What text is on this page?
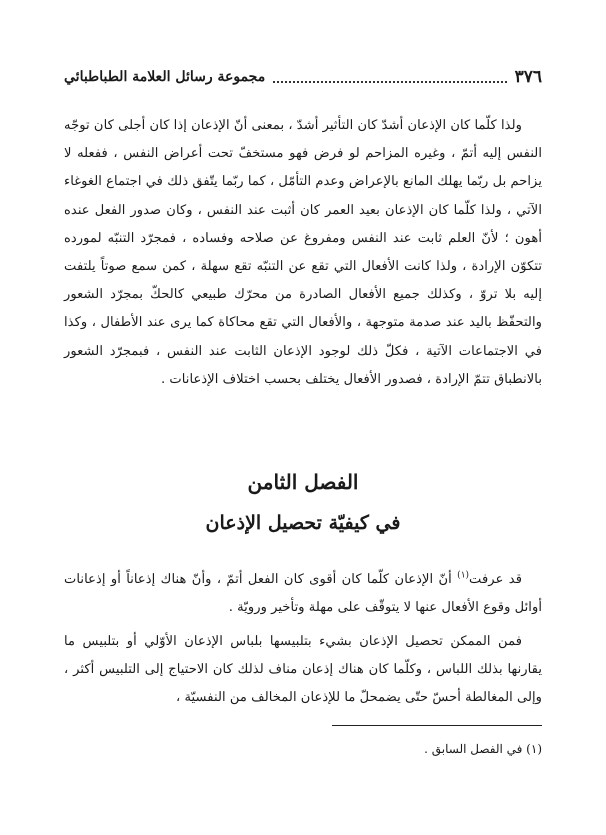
٣٧٦
مجموعة رسائل العلامة الطباطبائي

ولذا كلّما كان الإذعان أشدّ كان التأثير أشدّ ، بمعنى أنّ الإذعان إذا كان أجلى كان توجّه النفس إليه أتمّ ، وغيره المزاحم لو فرض فهو مستخفّ تحت أعراض النفس ، ففعله لا يزاحم بل ربّما يهلك المانع بالإعراض وعدم التأمّل ، كما ربّما يتّفق ذلك في اجتماع الغوغاء الآتي ، ولذا كلّما كان الإذعان بعيد العمر كان أثبت عند النفس ، وكان صدور الفعل عنده أهون ؛ لأنّ العلم ثابت عند النفس ومفروغ عن صلاحه وفساده ، فمجرّد التنبّه لمورده تتكوّن الإرادة ، ولذا كانت الأفعال التي تقع عن التنبّه تقع سهلة ، كمن سمع صوتاً يلتفت إليه بلا تروّ ، وكذلك جميع الأفعال الصادرة من محرّك طبيعي كالحكّ بمجرّد الشعور والتحفّظ باليد عند صدمة متوجهة ، والأفعال التي تقع محاكاة كما يرى عند الأطفال ، وكذا في الاجتماعات الآتية ، فكلّ ذلك لوجود الإذعان الثابت عند النفس ، فبمجرّد الشعور بالانطباق تتمّ الإرادة ، فصدور الأفعال يختلف بحسب اختلاف الإذعانات .

الفصل الثامن
في كيفيّة تحصيل الإذعان

قد عرفت$^{(١)}$ أنّ الإذعان كلّما كان أقوى كان الفعل أتمّ ، وأنّ هناك إذعاناً أو إذعانات أوائل وقوع الأفعال عنها لا يتوقّف على مهلة وتأخير ورويّة .

فمن الممكن تحصيل الإذعان بشيء بتلبيسها بلباس الإذعان الأوّلي أو بتلبيس ما يقارنها بذلك اللباس ، وكلّما كان هناك إذعان مناف لذلك كان الاحتياج إلى التلبيس أكثر ، وإلى المغالطة أحسّ حتّى يضمحلّ ما للإذعان المخالف من النفسيّة ،

(١) في الفصل السابق .
